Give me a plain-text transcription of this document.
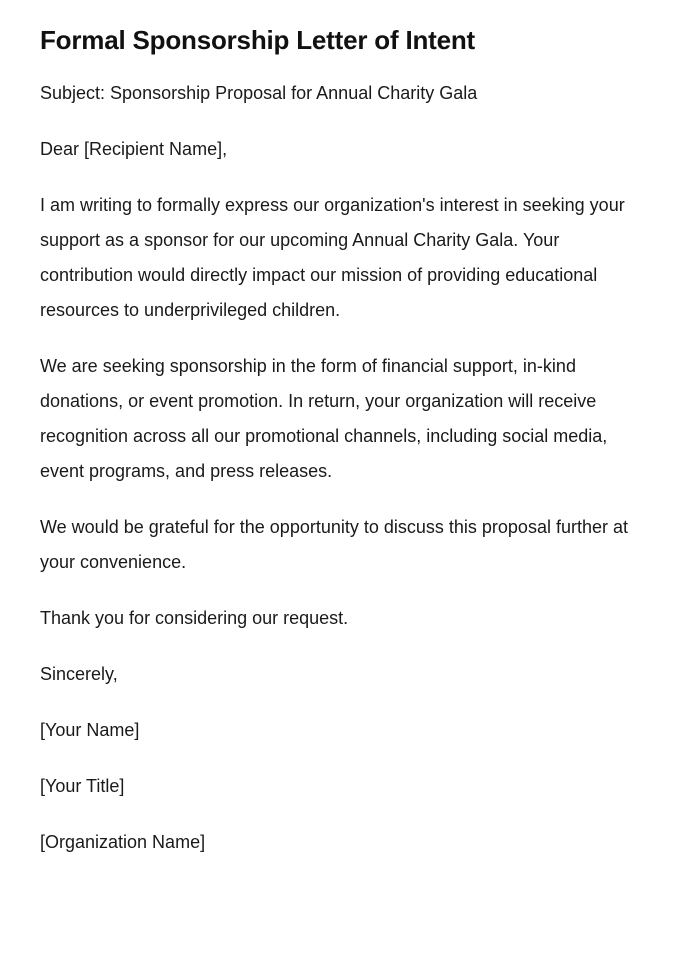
Formal Sponsorship Letter of Intent

Subject: Sponsorship Proposal for Annual Charity Gala

Dear [Recipient Name],

I am writing to formally express our organization's interest in seeking your support as a sponsor for our upcoming Annual Charity Gala. Your contribution would directly impact our mission of providing educational resources to underprivileged children.

We are seeking sponsorship in the form of financial support, in-kind donations, or event promotion. In return, your organization will receive recognition across all our promotional channels, including social media, event programs, and press releases.

We would be grateful for the opportunity to discuss this proposal further at your convenience.

Thank you for considering our request.

Sincerely,

[Your Name]

[Your Title]

[Organization Name]
